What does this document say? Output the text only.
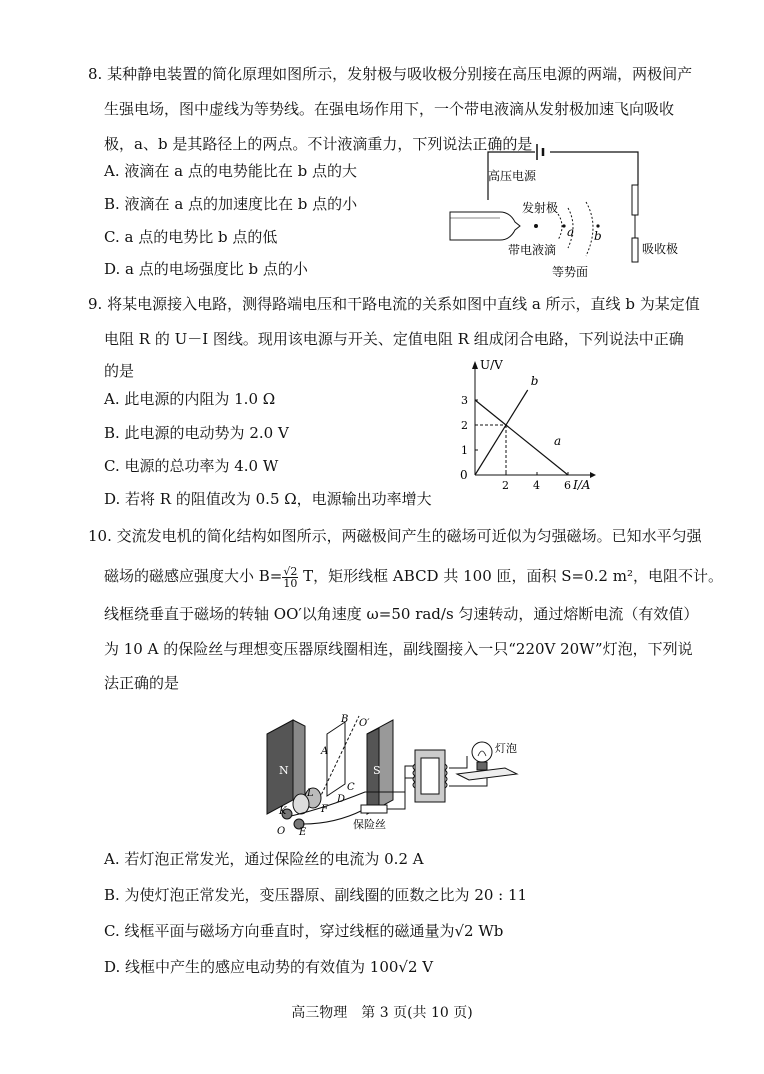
8. 某种静电装置的简化原理如图所示，发射极与吸收极分别接在高压电源的两端，两极间产
生强电场，图中虚线为等势线。在强电场作用下，一个带电液滴从发射极加速飞向吸收
极，a、b 是其路径上的两点。不计液滴重力，下列说法正确的是
A. 液滴在 a 点的电势能比在 b 点的大
B. 液滴在 a 点的加速度比在 b 点的小
C. a 点的电势比 b 点的低
D. a 点的电场强度比 b 点的小
高压电源
吸收极
发射极
a b
带电液滴
等势面
9. 将某电源接入电路，测得路端电压和干路电流的关系如图中直线 a 所示，直线 b 为某定值
电阻 R 的 U－I 图线。现用该电源与开关、定值电阻 R 组成闭合电路，下列说法中正确
的是
A. 此电源的内阻为 1.0 Ω
B. 此电源的电动势为 2.0 V
C. 电源的总功率为 4.0 W
D. 若将 R 的阻值改为 0.5 Ω，电源输出功率增大
U/V
I/A
0
2 4 6
1
2
3
a
b
10. 交流发电机的简化结构如图所示，两磁极间产生的磁场可近似为匀强磁场。已知水平匀强
磁场的磁感应强度大小 $B= \frac{√2}{10}$ T，矩形线框 ABCD 共 100 匝，面积 S=0.2 m²，电阻不计。
线框绕垂直于磁场的转轴 OO′以角速度 ω=50 rad/s 匀速转动，通过熔断电流（有效值）
为 10 A 的保险丝与理想变压器原线圈相连，副线圈接入一只“220V 20W”灯泡，下列说
法正确的是
N	S
B O′
A
C
D
L
F
K
O E
保险丝
灯泡
A. 若灯泡正常发光，通过保险丝的电流为 0.2 A
B. 为使灯泡正常发光，变压器原、副线圈的匝数之比为 20 : 11
C. 线框平面与磁场方向垂直时，穿过线框的磁通量为√2 Wb
D. 线框中产生的感应电动势的有效值为 100√2 V
高三物理　第 3 页(共 10 页)
